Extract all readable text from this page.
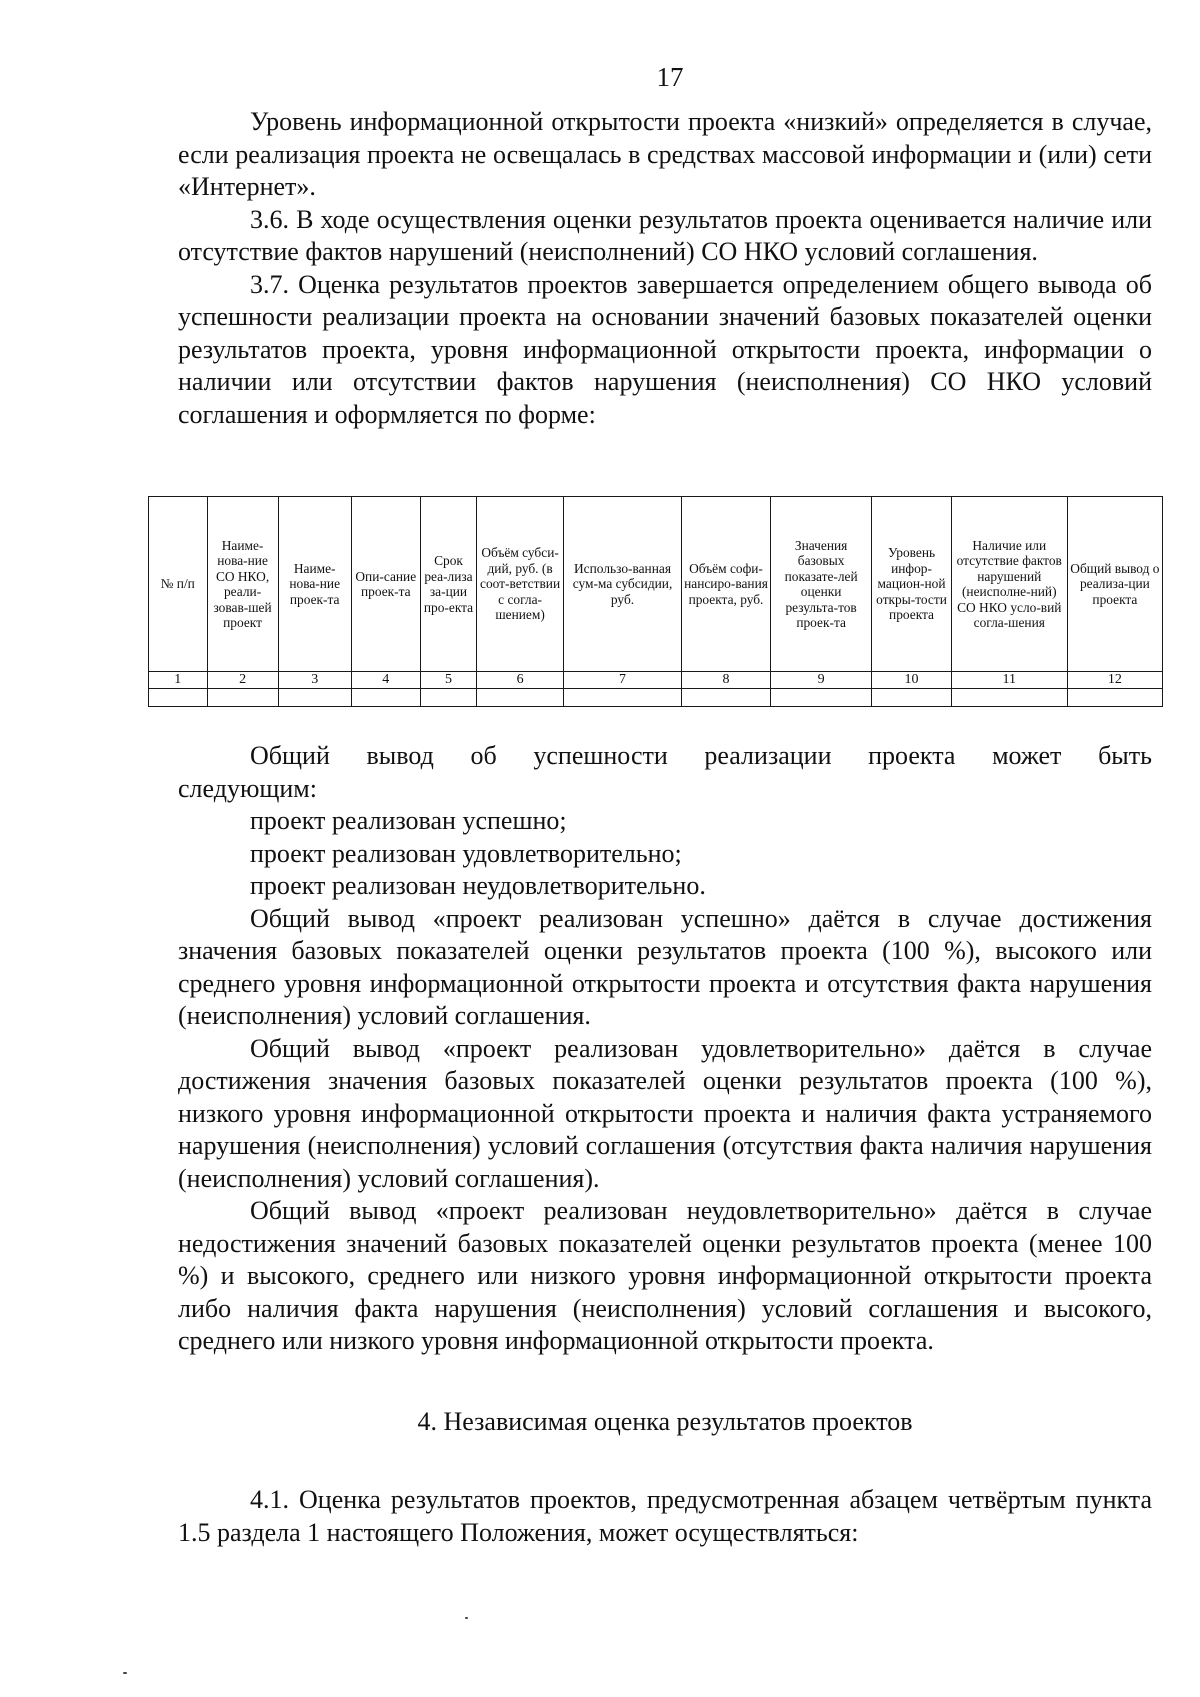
17

Уровень информационной открытости проекта «низкий» определяется в случае, если реализация проекта не освещалась в средствах массовой информации и (или) сети «Интернет».

3.6. В ходе осуществления оценки результатов проекта оценивается наличие или отсутствие фактов нарушений (неисполнений) СО НКО условий соглашения.

3.7. Оценка результатов проектов завершается определением общего вывода об успешности реализации проекта на основании значений базовых показателей оценки результатов проекта, уровня информационной открытости проекта, информации о наличии или отсутствии фактов нарушения (неисполнения) СО НКО условий соглашения и оформляется по форме:

№ п/п	Наиме-нова-ние СО НКО, реали-зовав-шей проект	Наиме-нова-ние проек-та	Опи-сание проек-та	Срок реа-лиза за-ции про-екта	Объём субси-дий, руб. (в соот-ветствии с согла-шением)	Использо-ванная сум-ма субсидии, руб.	Объём софи-нансиро-вания проекта, руб.	Значения базовых показате-лей оценки результа-тов проек-та	Уровень инфор-мацион-ной откры-тости проекта	Наличие или отсутствие фактов нарушений (неисполне-ний) СО НКО усло-вий согла-шения	Общий вывод о реализа-ции проекта
1	2	3	4	5	6	7	8	9	10	11	12

Общий вывод об успешности реализации проекта может быть

следующим:

проект реализован успешно;

проект реализован удовлетворительно;

проект реализован неудовлетворительно.

Общий вывод «проект реализован успешно» даётся в случае достижения значения базовых показателей оценки результатов проекта (100 %), высокого или среднего уровня информационной открытости проекта и отсутствия факта нарушения (неисполнения) условий соглашения.

Общий вывод «проект реализован удовлетворительно» даётся в случае достижения значения базовых показателей оценки результатов проекта (100 %), низкого уровня информационной открытости проекта и наличия факта устраняемого нарушения (неисполнения) условий соглашения (отсутствия факта наличия нарушения (неисполнения) условий соглашения).

Общий вывод «проект реализован неудовлетворительно» даётся в случае недостижения значений базовых показателей оценки результатов проекта (менее 100 %) и высокого, среднего или низкого уровня информационной открытости проекта либо наличия факта нарушения (неисполнения) условий соглашения и высокого, среднего или низкого уровня информационной открытости проекта.

4. Независимая оценка результатов проектов

4.1. Оценка результатов проектов, предусмотренная абзацем четвёртым пункта 1.5 раздела 1 настоящего Положения, может осуществляться:
